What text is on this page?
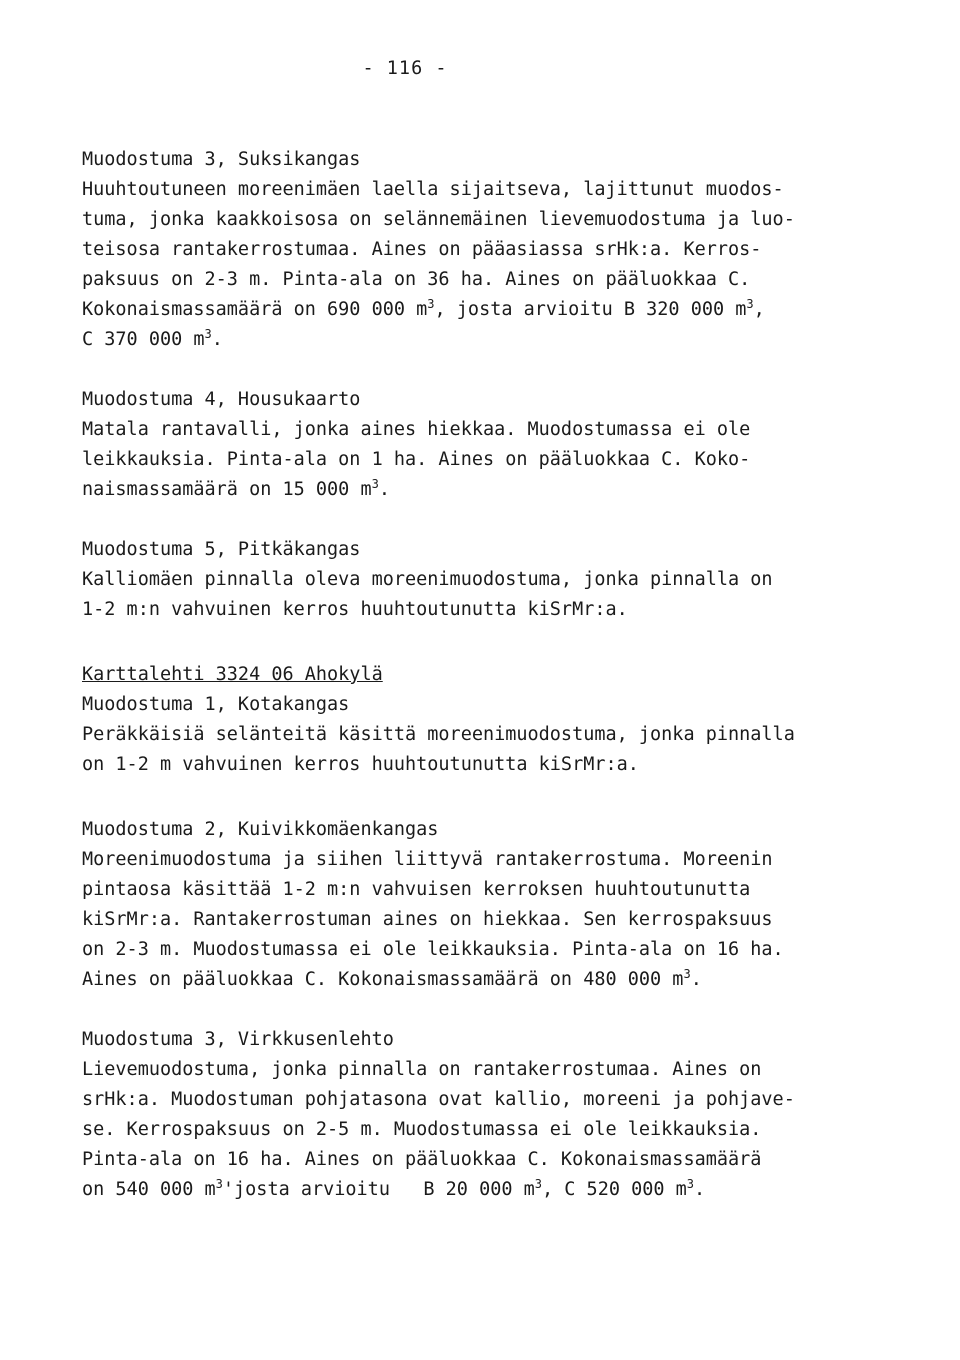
- 116 -
Muodostuma 3, Suksikangas
Huuhtoutuneen moreenimäen laella sijaitseva, lajittunut muodos-
tuma, jonka kaakkoisosa on selännemäinen lievemuodostuma ja luo-
teisosa rantakerrostumaa. Aines on pääasiassa srHk:a. Kerros-
paksuus on 2-3 m. Pinta-ala on 36 ha. Aines on pääluokkaa C.
Kokonaismassamäärä on 690 000 $m^3$, josta arvioitu B 320 000 $m^3$,
C 370 000 $m^3$.
Muodostuma 4, Housukaarto
Matala rantavalli, jonka aines hiekkaa. Muodostumassa ei ole
leikkauksia. Pinta-ala on 1 ha. Aines on pääluokkaa C. Koko-
naismassamäärä on 15 000 $m^3$.
Muodostuma 5, Pitkäkangas
Kalliomäen pinnalla oleva moreenimuodostuma, jonka pinnalla on
1-2 m:n vahvuinen kerros huuhtoutunutta kiSrMr:a.
Karttalehti 3324 06 Ahokylä
Muodostuma 1, Kotakangas
Peräkkäisiä selänteitä käsittä moreenimuodostuma, jonka pinnalla
on 1-2 m vahvuinen kerros huuhtoutunutta kiSrMr:a.
Muodostuma 2, Kuivikkomäenkangas
Moreenimuodostuma ja siihen liittyvä rantakerrostuma. Moreenin
pintaosa käsittää 1-2 m:n vahvuisen kerroksen huuhtoutunutta
kiSrMr:a. Rantakerrostuman aines on hiekkaa. Sen kerrospaksuus
on 2-3 m. Muodostumassa ei ole leikkauksia. Pinta-ala on 16 ha.
Aines on pääluokkaa C. Kokonaismassamäärä on 480 000 $m^3$.
Muodostuma 3, Virkkusenlehto
Lievemuodostuma, jonka pinnalla on rantakerrostumaa. Aines on
srHk:a. Muodostuman pohjatasona ovat kallio, moreeni ja pohjave-
se. Kerrospaksuus on 2-5 m. Muodostumassa ei ole leikkauksia.
Pinta-ala on 16 ha. Aines on pääluokkaa C. Kokonaismassamäärä
on 540 000 $m^3'josta$ arvioitu   B 20 000 $m^3$, C 520 000 $m^3$.
